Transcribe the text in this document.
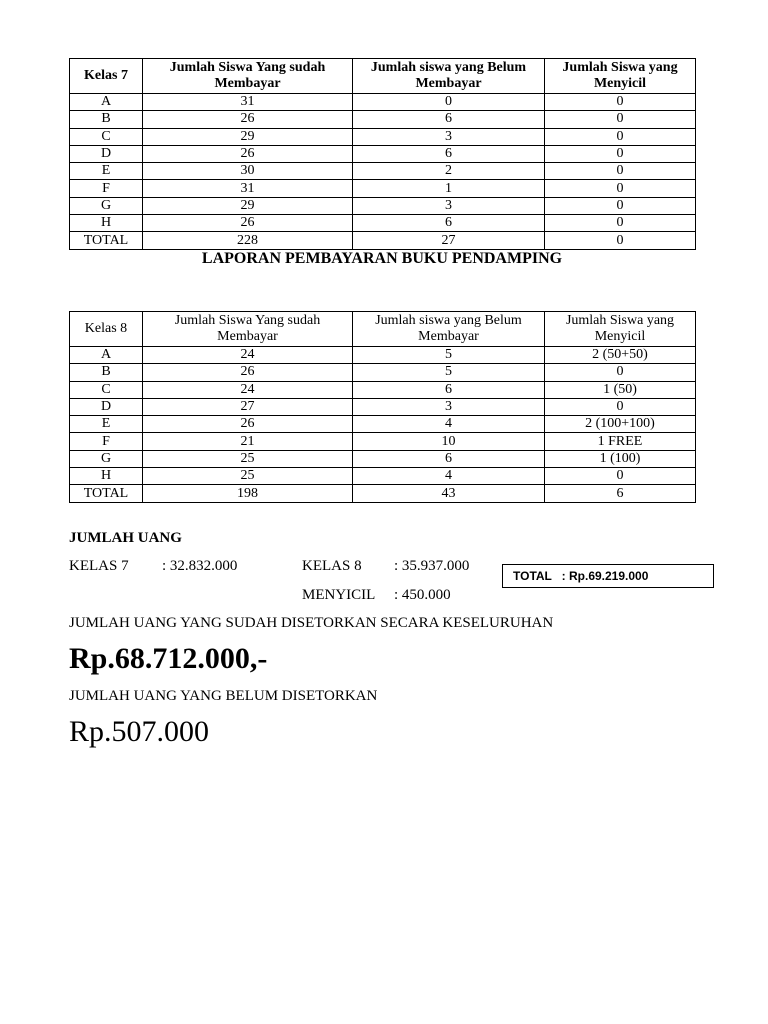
Kelas 7	Jumlah Siswa Yang sudah Membayar	Jumlah siswa yang Belum Membayar	Jumlah Siswa yang Menyicil
A	31	0	0
B	26	6	0
C	29	3	0
D	26	6	0
E	30	2	0
F	31	1	0
G	29	3	0
H	26	6	0
TOTAL	228	27	0
LAPORAN PEMBAYARAN BUKU PENDAMPING
Kelas 8	Jumlah Siswa Yang sudah Membayar	Jumlah siswa yang Belum Membayar	Jumlah Siswa yang Menyicil
A	24	5	2 (50+50)
B	26	5	0
C	24	6	1 (50)
D	27	3	0
E	26	4	2 (100+100)
F	21	10	1 FREE
G	25	6	1 (100)
H	25	4	0
TOTAL	198	43	6
JUMLAH UANG
KELAS 7 : 32.832.000	KELAS 8 : 35.937.000
TOTAL   : Rp.69.219.000
MENYICIL : 450.000
JUMLAH UANG YANG SUDAH DISETORKAN SECARA KESELURUHAN
Rp.68.712.000,-
JUMLAH UANG YANG BELUM DISETORKAN
Rp.507.000
